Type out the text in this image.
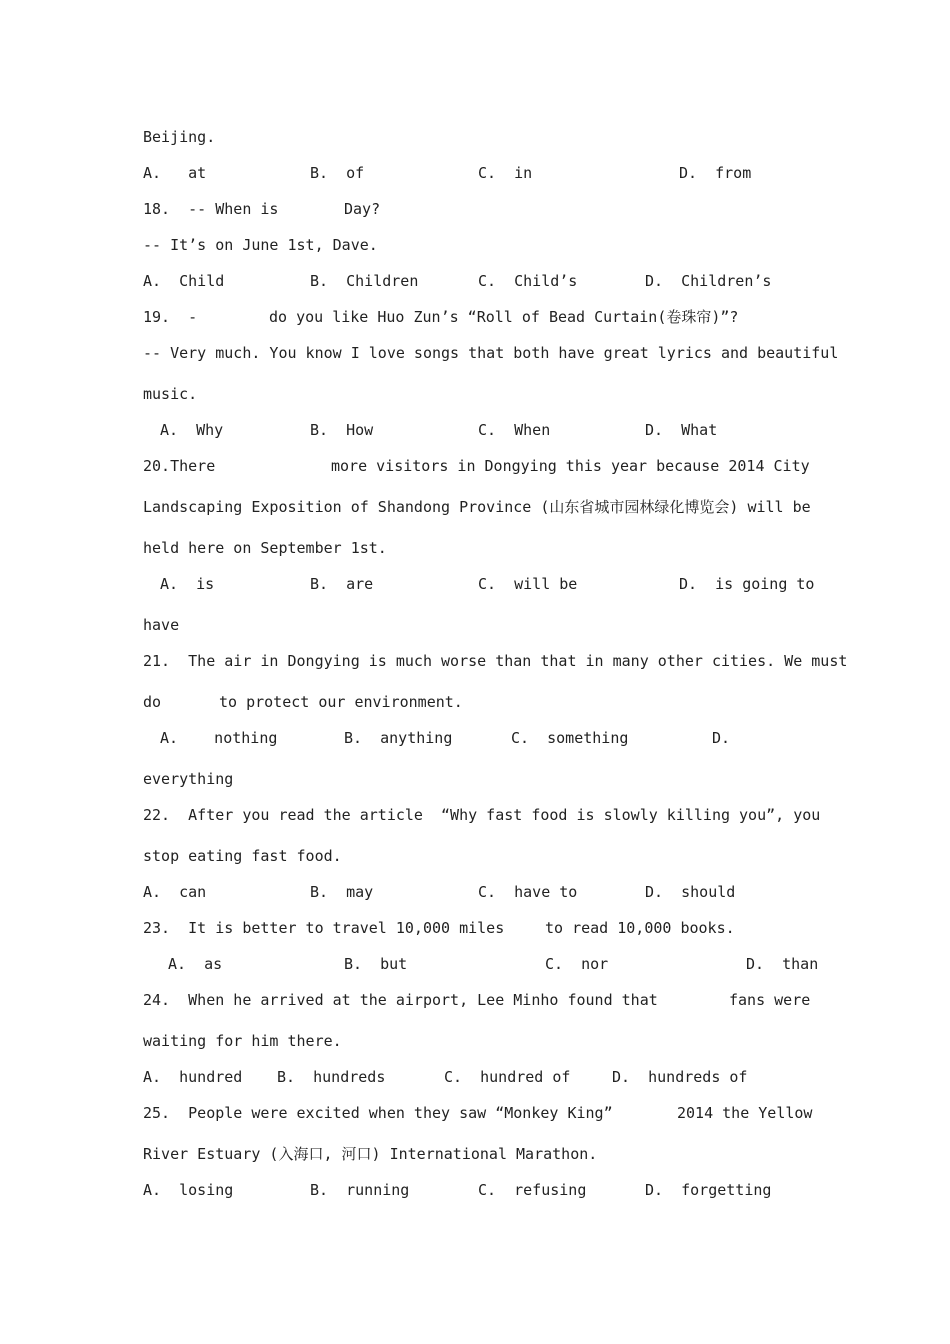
Beijing.

A.   at	B.  of	C.  in	D.  from

18.  -- When is	Day?

-- It’s on June 1st, Dave.

A.  Child	B.  Children	C.  Child’s	D.  Children’s

19.  -	do you like Huo Zun’s “Roll of Bead Curtain(卷珠帘)”?

-- Very much. You know I love songs that both have great lyrics and beautiful

music.

A.  Why	B.  How	C.  When	D.  What

20.There	more visitors in Dongying this year because 2014 City

Landscaping Exposition of Shandong Province (山东省城市园林绿化博览会) will be

held here on September 1st.

A.  is	B.  are	C.  will be	D.  is going to

have

21.  The air in Dongying is much worse than that in many other cities. We must

do	to protect our environment.

A.    nothing	B.  anything	C.  something	D.

everything

22.  After you read the article  “Why fast food is slowly killing you”, you

stop eating fast food.

A.  can	B.  may	C.  have to	D.  should

23.  It is better to travel 10,000 miles	to read 10,000 books.

A.  as	B.  but	C.  nor	D.  than

24.  When he arrived at the airport, Lee Minho found that	fans were

waiting for him there.

A.  hundred B.  hundreds	C.  hundred of	D.  hundreds of

25.  People were excited when they saw “Monkey King”	2014 the Yellow

River Estuary (入海口, 河口) International Marathon.

A.  losing	B.  running	C.  refusing	D.  forgetting
